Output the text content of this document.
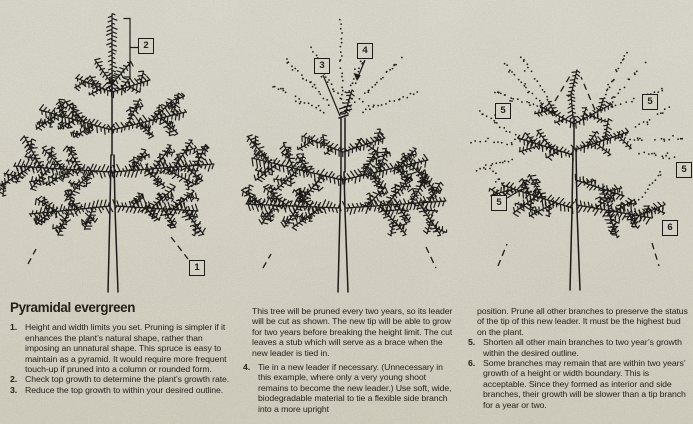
2
1
3
4
5
5
5
5
6
Pyramidal evergreen
1. Height and width limits you set. Pruning is simpler if it enhances the plant’s natural shape, rather than imposing an unnatural shape. This spruce is easy to maintain as a pyramid. It would require more frequent touch-up if pruned into a column or rounded form.
2. Check top growth to determine the plant’s growth rate.
3. Reduce the top growth to within your desired outline.

This tree will be pruned every two years, so its leader will be cut as shown. The new tip will be able to grow for two years before breaking the height limit. The cut leaves a stub which will serve as a brace when the new leader is tied in.

4. Tie in a new leader if necessary. (Unnecessary in this example, where only a very young shoot remains to become the new leader.) Use soft, wide, biodegradable material to tie a flexible side branch into a more upright

position. Prune all other branches to preserve the status of the tip of this new leader. It must be the highest bud on the plant.

5. Shorten all other main branches to two year’s growth within the desired outline.
6. Some branches may remain that are within two years’ growth of a height or width boundary. This is acceptable. Since they formed as interior and side branches, their growth will be slower than a tip branch for a year or two.
